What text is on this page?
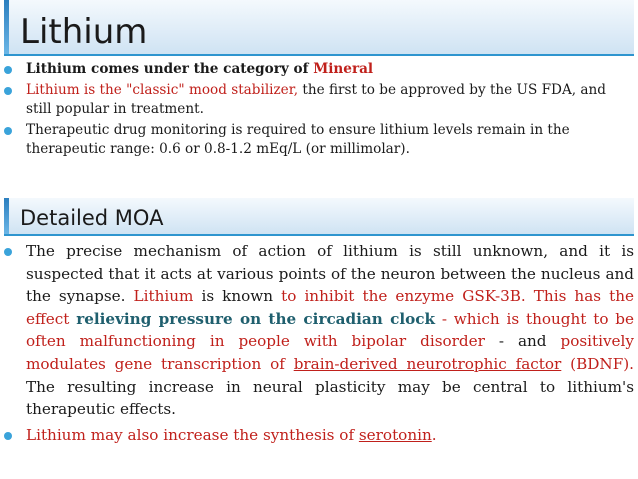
Lithium
Lithium comes under the category of Mineral
Lithium is the "classic" mood stabilizer, the first to be approved by the US FDA, and still popular in treatment.
Therapeutic drug monitoring is required to ensure lithium levels remain in the therapeutic range: 0.6 or 0.8-1.2 mEq/L (or millimolar).
Detailed MOA
The precise mechanism of action of lithium is still unknown, and it is suspected that it acts at various points of the neuron between the nucleus and the synapse. Lithium is known to inhibit the enzyme GSK-3B. This has the effect relieving pressure on the circadian clock - which is thought to be often malfunctioning in people with bipolar disorder - and positively modulates gene transcription of brain-derived neurotrophic factor (BDNF). The resulting increase in neural plasticity may be central to lithium's therapeutic effects.
Lithium may also increase the synthesis of serotonin.
